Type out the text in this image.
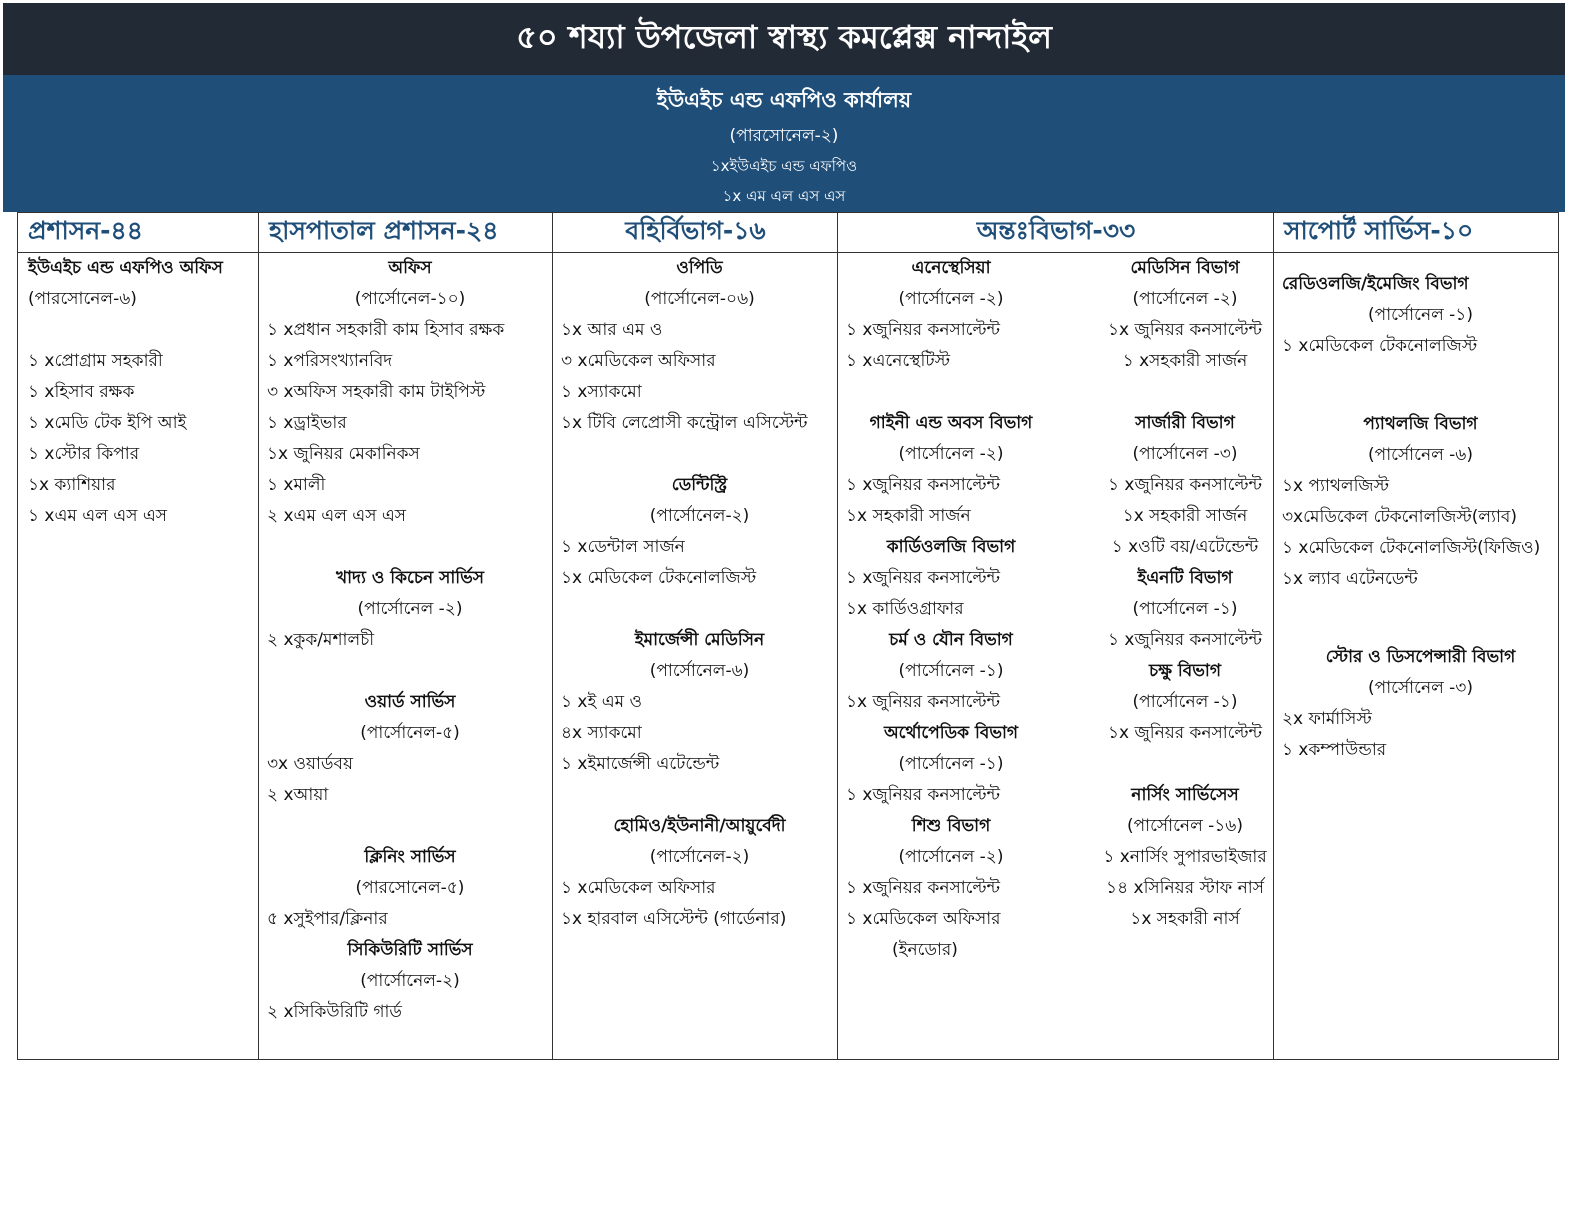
৫০ শয্যা উপজেলা স্বাস্থ্য কমপ্লেক্স নান্দাইল
ইউএইচ এন্ড এফপিও কার্যালয়
(পারসোনেল-২)
১xইউএইচ এন্ড এফপিও
১x এম এল এস এস
প্রশাসন-৪৪
ইউএইচ এন্ড এফপিও অফিস
(পারসোনেল-৬)
১ xপ্রোগ্রাম সহকারী
১ xহিসাব রক্ষক
১ xমেডি টেক ইপি আই
১ xস্টোর কিপার
১x ক্যাশিয়ার
১ xএম এল এস এস
হাসপাতাল প্রশাসন-২৪
অফিস
(পার্সোনেল-১০)
১ xপ্রধান সহকারী কাম হিসাব রক্ষক
১ xপরিসংখ্যানবিদ
৩ xঅফিস সহকারী কাম টাইপিস্ট
১ xড্রাইভার
১x জুনিয়র মেকানিকস
১ xমালী
২ xএম এল এস এস
খাদ্য ও কিচেন সার্ভিস
(পার্সোনেল -২)
২ xকুক/মশালচী
ওয়ার্ড সার্ভিস
(পার্সোনেল-৫)
৩x ওয়ার্ডবয়
২ xআয়া
ক্লিনিং সার্ভিস
(পারসোনেল-৫)
৫ xসুইপার/ক্লিনার
সিকিউরিটি সার্ভিস
(পার্সোনেল-২)
২ xসিকিউরিটি গার্ড
বহির্বিভাগ-১৬
ওপিডি
(পার্সোনেল-০৬)
১x আর এম ও
৩ xমেডিকেল অফিসার
১ xস্যাকমো
১x টিবি লেপ্রোসী কন্ট্রোল এসিস্টেন্ট
ডেন্টিস্ট্রি
(পার্সোনেল-২)
১ xডেন্টাল সার্জন
১x মেডিকেল টেকনোলজিস্ট
ইমার্জেন্সী মেডিসিন
(পার্সোনেল-৬)
১ xই এম ও
৪x স্যাকমো
১ xইমার্জেন্সী এটেন্ডেন্ট
হোমিও/ইউনানী/আয়ুর্বেদী
(পার্সোনেল-২)
১ xমেডিকেল অফিসার
১x হারবাল এসিস্টেন্ট (গার্ডেনার)
অন্তঃবিভাগ-৩৩
এনেস্থেসিয়া
(পার্সোনেল -২)
১ xজুনিয়র কনসাল্টেন্ট
১ xএনেস্থেটিস্ট
গাইনী এন্ড অবস বিভাগ
(পার্সোনেল -২)
১ xজুনিয়র কনসাল্টেন্ট
১x সহকারী সার্জন
কার্ডিওলজি বিভাগ
১ xজুনিয়র কনসাল্টেন্ট
১x কার্ডিওগ্রাফার
চর্ম ও যৌন বিভাগ
(পার্সোনেল -১)
১x জুনিয়র কনসাল্টেন্ট
অর্থোপেডিক বিভাগ
(পার্সোনেল -১)
১ xজুনিয়র কনসাল্টেন্ট
শিশু বিভাগ
(পার্সোনেল -২)
১ xজুনিয়র কনসাল্টেন্ট
১ xমেডিকেল অফিসার
(ইনডোর)
মেডিসিন বিভাগ
(পার্সোনেল -২)
১x জুনিয়র কনসাল্টেন্ট
১ xসহকারী সার্জন
সার্জারী বিভাগ
(পার্সোনেল -৩)
১ xজুনিয়র কনসাল্টেন্ট
১x সহকারী সার্জন
১ xওটি বয়/এটেন্ডেন্ট
ইএনটি বিভাগ
(পার্সোনেল -১)
১ xজুনিয়র কনসাল্টেন্ট
চক্ষু বিভাগ
(পার্সোনেল -১)
১x জুনিয়র কনসাল্টেন্ট
নার্সিং সার্ভিসেস
(পার্সোনেল -১৬)
১ xনার্সিং সুপারভাইজার
১৪ xসিনিয়র স্টাফ নার্স
১x সহকারী নার্স
সাপোর্ট সার্ভিস-১০
রেডিওলজি/ইমেজিং বিভাগ
(পার্সোনেল -১)
১ xমেডিকেল টেকনোলজিস্ট
প্যাথলজি বিভাগ
(পার্সোনেল -৬)
১x প্যাথলজিস্ট
৩xমেডিকেল টেকনোলজিস্ট(ল্যাব)
১ xমেডিকেল টেকনোলজিস্ট(ফিজিও)
১x ল্যাব এটেনডেন্ট
স্টোর ও ডিসপেন্সারী বিভাগ
(পার্সোনেল -৩)
২x ফার্মাসিস্ট
১ xকম্পাউন্ডার
